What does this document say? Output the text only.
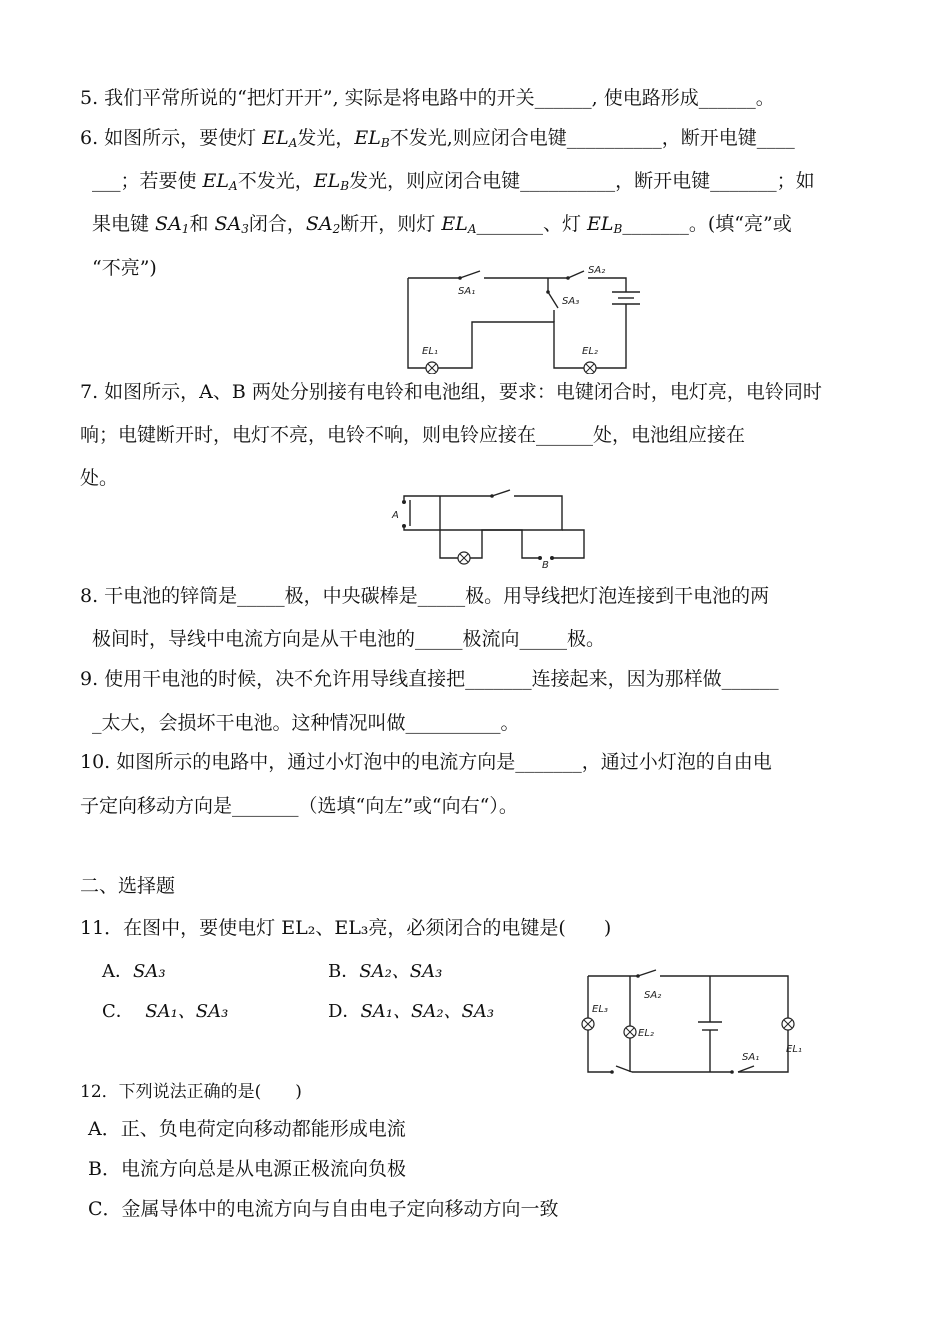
5. 我们平常所说的“把灯开开”, 实际是将电路中的开关______, 使电路形成______。
6. 如图所示，要使灯 $EL_A$发光，$EL_B$不发光,则应闭合电键__________，断开电键____
___；若要使 $EL_A$不发光，$EL_B$发光，则应闭合电键__________，断开电键_______；如
果电键 $SA_1$和 $SA_3$闭合，$SA_2$断开，则灯 $EL_A\_\_\_\_\_\_\_$、灯 $EL_B\_\_\_\_\_\_\_$。(填“亮”或
“不亮”)
SA₁
SA₂
SA₃
EL₁	EL₂
7. 如图所示，A、B 两处分别接有电铃和电池组，要求：电键闭合时，电灯亮，电铃同时
响；电键断开时，电灯不亮，电铃不响，则电铃应接在______处，电池组应接在
处。
A
B
8. 干电池的锌筒是_____极，中央碳棒是_____极。用导线把灯泡连接到干电池的两
极间时，导线中电流方向是从干电池的_____极流向_____极。
9. 使用干电池的时候，决不允许用导线直接把_______连接起来，因为那样做______
_太大，会损坏干电池。这种情况叫做__________。
10. 如图所示的电路中，通过小灯泡中的电流方向是_______，通过小灯泡的自由电
子定向移动方向是_______（选填“向左”或“向右“）。
二、选择题
11．在图中，要使电灯 EL₂、EL₃亮，必须闭合的电键是(　　)
A．SA₃	B．SA₂、SA₃
C． SA₁、SA₃	D．SA₁、SA₂、SA₃	EL₃
EL₂
EL₁
SA₂
SA₁
12．下列说法正确的是(　　)
A．正、负电荷定向移动都能形成电流
B．电流方向总是从电源正极流向负极
C．金属导体中的电流方向与自由电子定向移动方向一致
